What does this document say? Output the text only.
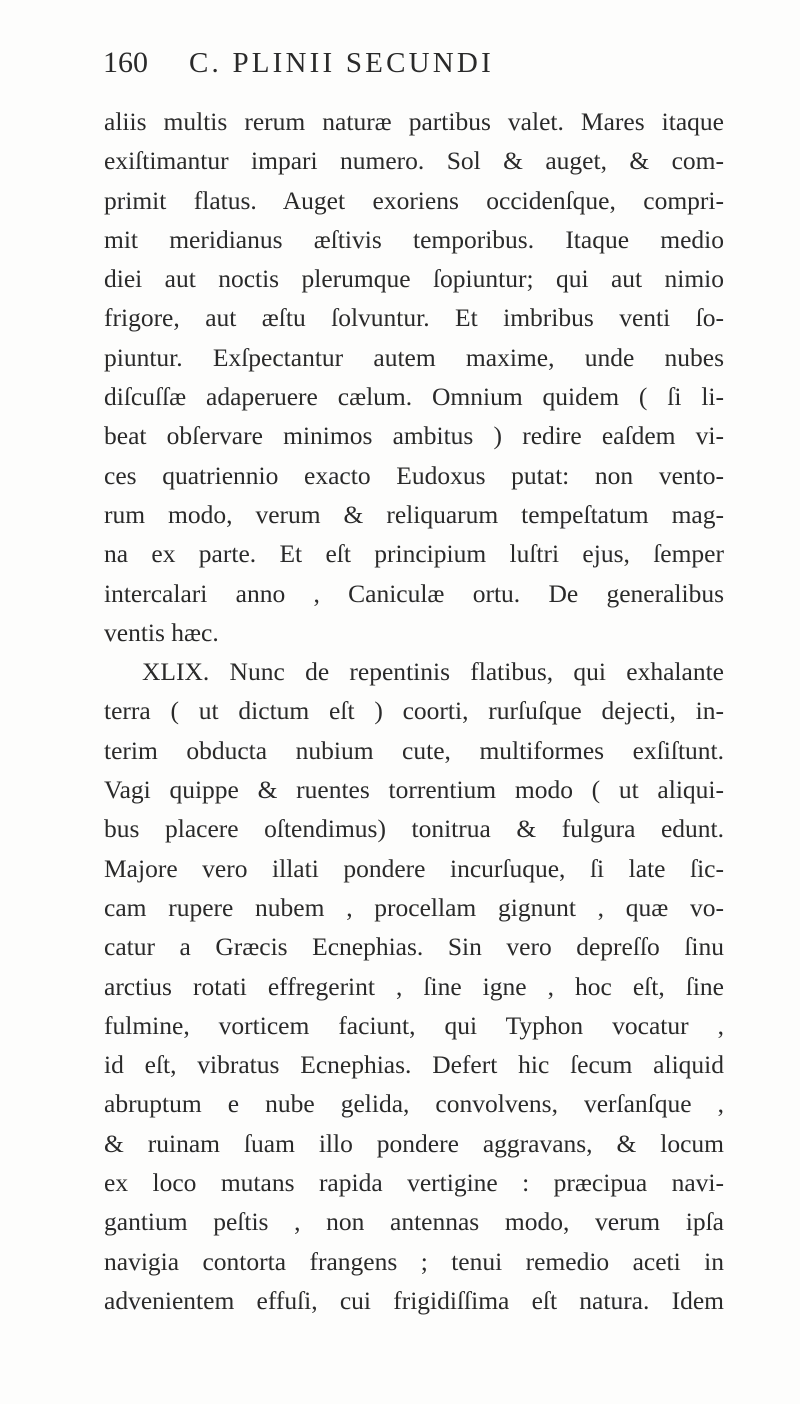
160	C. PLINII SECUNDI
aliis multis rerum naturæ partibus valet. Mares itaque
exiſtimantur impari numero. Sol & auget, & com-
primit flatus. Auget exoriens occidenſque, compri-
mit meridianus æſtivis temporibus. Itaque medio
diei aut noctis plerumque ſopiuntur; qui aut nimio
frigore, aut æſtu ſolvuntur. Et imbribus venti ſo-
piuntur. Exſpectantur autem maxime, unde nubes
diſcuſſæ adaperuere cælum. Omnium quidem ( ſi li-
beat obſervare minimos ambitus ) redire eaſdem vi-
ces quatriennio exacto Eudoxus putat: non vento-
rum modo, verum & reliquarum tempeſtatum mag-
na ex parte. Et eſt principium luſtri ejus, ſemper
intercalari anno , Caniculæ ortu. De generalibus
ventis hæc.
XLIX. Nunc de repentinis flatibus, qui exhalante
terra ( ut dictum eſt ) coorti, rurſuſque dejecti, in-
terim obducta nubium cute, multiformes exſiſtunt.
Vagi quippe & ruentes torrentium modo ( ut aliqui-
bus placere oſtendimus) tonitrua & fulgura edunt.
Majore vero illati pondere incurſuque, ſi late ſic-
cam rupere nubem , procellam gignunt , quæ vo-
catur a Græcis Ecnephias. Sin vero depreſſo ſinu
arctius rotati effregerint , ſine igne , hoc eſt, ſine
fulmine, vorticem faciunt, qui Typhon vocatur ,
id eſt, vibratus Ecnephias. Defert hic ſecum aliquid
abruptum e nube gelida, convolvens, verſanſque ,
& ruinam ſuam illo pondere aggravans, & locum
ex loco mutans rapida vertigine : præcipua navi-
gantium peſtis , non antennas modo, verum ipſa
navigia contorta frangens ; tenui remedio aceti in
advenientem effuſi, cui frigidiſſima eſt natura. Idem
